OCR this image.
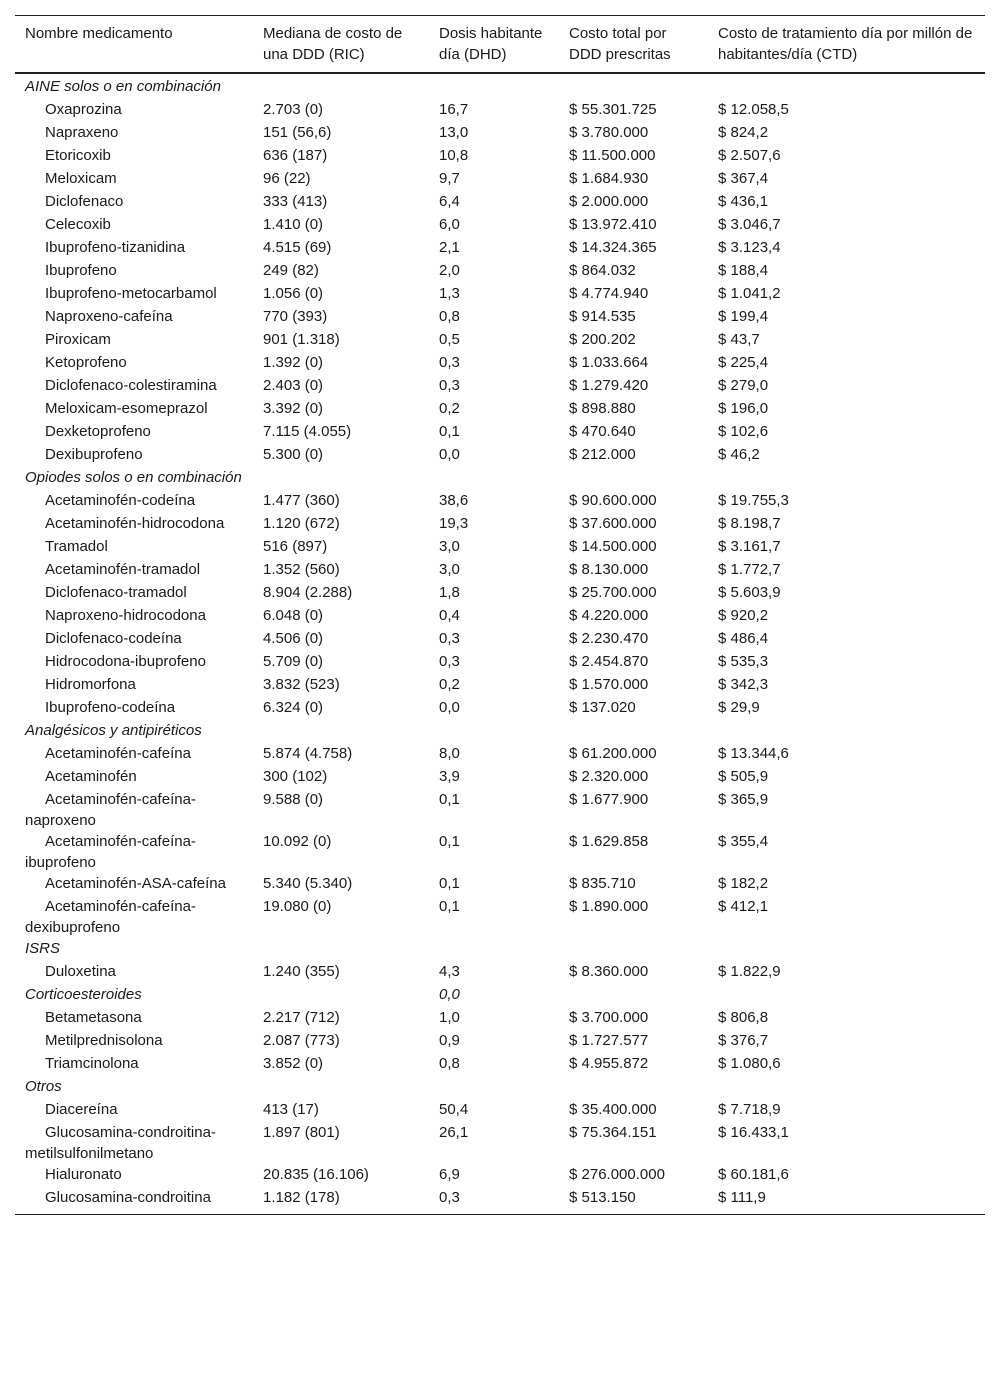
Nombre medicamento	Mediana de costo de una DDD (RIC)	Dosis habitante día (DHD)	Costo total por DDD prescritas	Costo de tratamiento día por millón de habitantes/día (CTD)
AINE solos o en combinación				
Oxaprozina	2.703 (0)	16,7	$ 55.301.725	$ 12.058,5
Napraxeno	151 (56,6)	13,0	$ 3.780.000	$ 824,2
Etoricoxib	636 (187)	10,8	$ 11.500.000	$ 2.507,6
Meloxicam	96 (22)	9,7	$ 1.684.930	$ 367,4
Diclofenaco	333 (413)	6,4	$ 2.000.000	$ 436,1
Celecoxib	1.410 (0)	6,0	$ 13.972.410	$ 3.046,7
Ibuprofeno-tizanidina	4.515 (69)	2,1	$ 14.324.365	$ 3.123,4
Ibuprofeno	249 (82)	2,0	$ 864.032	$ 188,4
Ibuprofeno-metocarbamol	1.056 (0)	1,3	$ 4.774.940	$ 1.041,2
Naproxeno-cafeína	770 (393)	0,8	$ 914.535	$ 199,4
Piroxicam	901 (1.318)	0,5	$ 200.202	$ 43,7
Ketoprofeno	1.392 (0)	0,3	$ 1.033.664	$ 225,4
Diclofenaco-colestiramina	2.403 (0)	0,3	$ 1.279.420	$ 279,0
Meloxicam-esomeprazol	3.392 (0)	0,2	$ 898.880	$ 196,0
Dexketoprofeno	7.115 (4.055)	0,1	$ 470.640	$ 102,6
Dexibuprofeno	5.300 (0)	0,0	$ 212.000	$ 46,2
Opiodes solos o en combinación				
Acetaminofén-codeína	1.477 (360)	38,6	$ 90.600.000	$ 19.755,3
Acetaminofén-hidrocodona	1.120 (672)	19,3	$ 37.600.000	$ 8.198,7
Tramadol	516 (897)	3,0	$ 14.500.000	$ 3.161,7
Acetaminofén-tramadol	1.352 (560)	3,0	$ 8.130.000	$ 1.772,7
Diclofenaco-tramadol	8.904 (2.288)	1,8	$ 25.700.000	$ 5.603,9
Naproxeno-hidrocodona	6.048 (0)	0,4	$ 4.220.000	$ 920,2
Diclofenaco-codeína	4.506 (0)	0,3	$ 2.230.470	$ 486,4
Hidrocodona-ibuprofeno	5.709 (0)	0,3	$ 2.454.870	$ 535,3
Hidromorfona	3.832 (523)	0,2	$ 1.570.000	$ 342,3
Ibuprofeno-codeína	6.324 (0)	0,0	$ 137.020	$ 29,9
Analgésicos y antipiréticos				
Acetaminofén-cafeína	5.874 (4.758)	8,0	$ 61.200.000	$ 13.344,6
Acetaminofén	300 (102)	3,9	$ 2.320.000	$ 505,9
Acetaminofén-cafeína-naproxeno	9.588 (0)	0,1	$ 1.677.900	$ 365,9
Acetaminofén-cafeína-ibuprofeno	10.092 (0)	0,1	$ 1.629.858	$ 355,4
Acetaminofén-ASA-cafeína	5.340 (5.340)	0,1	$ 835.710	$ 182,2
Acetaminofén-cafeína-dexibuprofeno	19.080 (0)	0,1	$ 1.890.000	$ 412,1
ISRS				
Duloxetina	1.240 (355)	4,3	$ 8.360.000	$ 1.822,9
Corticoesteroides		0,0		
Betametasona	2.217 (712)	1,0	$ 3.700.000	$ 806,8
Metilprednisolona	2.087 (773)	0,9	$ 1.727.577	$ 376,7
Triamcinolona	3.852 (0)	0,8	$ 4.955.872	$ 1.080,6
Otros				
Diacereína	413 (17)	50,4	$ 35.400.000	$ 7.718,9
Glucosamina-condroitina-metilsulfonilmetano	1.897 (801)	26,1	$ 75.364.151	$ 16.433,1
Hialuronato	20.835 (16.106)	6,9	$ 276.000.000	$ 60.181,6
Glucosamina-condroitina	1.182 (178)	0,3	$ 513.150	$ 111,9
